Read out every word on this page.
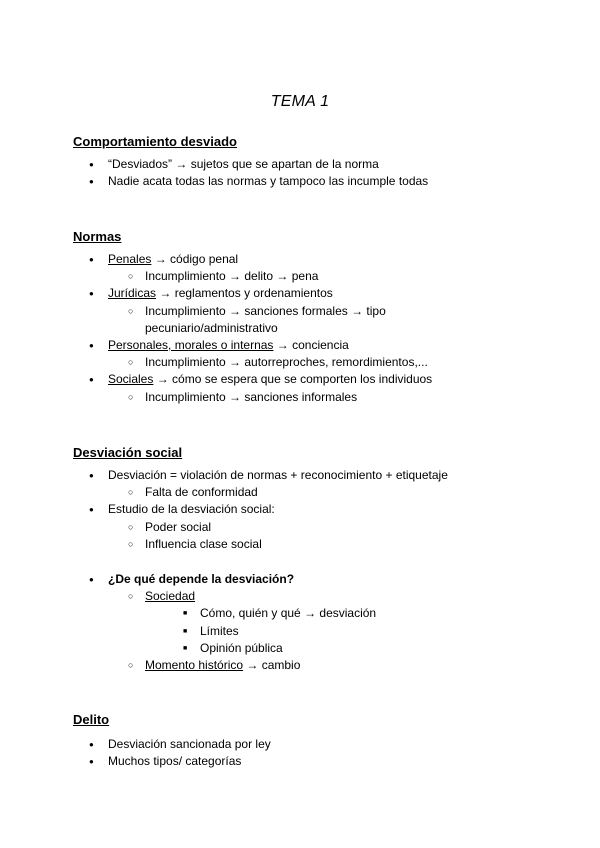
TEMA 1
Comportamiento desviado
● “Desviados” → sujetos que se apartan de la norma
● Nadie acata todas las normas y tampoco las incumple todas
Normas
● Penales → código penal
○ Incumplimiento → delito → pena
● Jurídicas → reglamentos y ordenamientos
○ Incumplimiento → sanciones formales → tipo
pecuniario/administrativo
● Personales, morales o internas → conciencia
○ Incumplimiento → autorreproches, remordimientos,...
● Sociales → cómo se espera que se comporten los individuos
○ Incumplimiento → sanciones informales
Desviación social
● Desviación = violación de normas + reconocimiento + etiquetaje
○ Falta de conformidad
● Estudio de la desviación social:
○ Poder social
○ Influencia clase social
● ¿De qué depende la desviación?
○ Sociedad
■ Cómo, quién y qué → desviación
■ Límites
■ Opinión pública
○ Momento histórico → cambio
Delito
● Desviación sancionada por ley
● Muchos tipos/ categorías
